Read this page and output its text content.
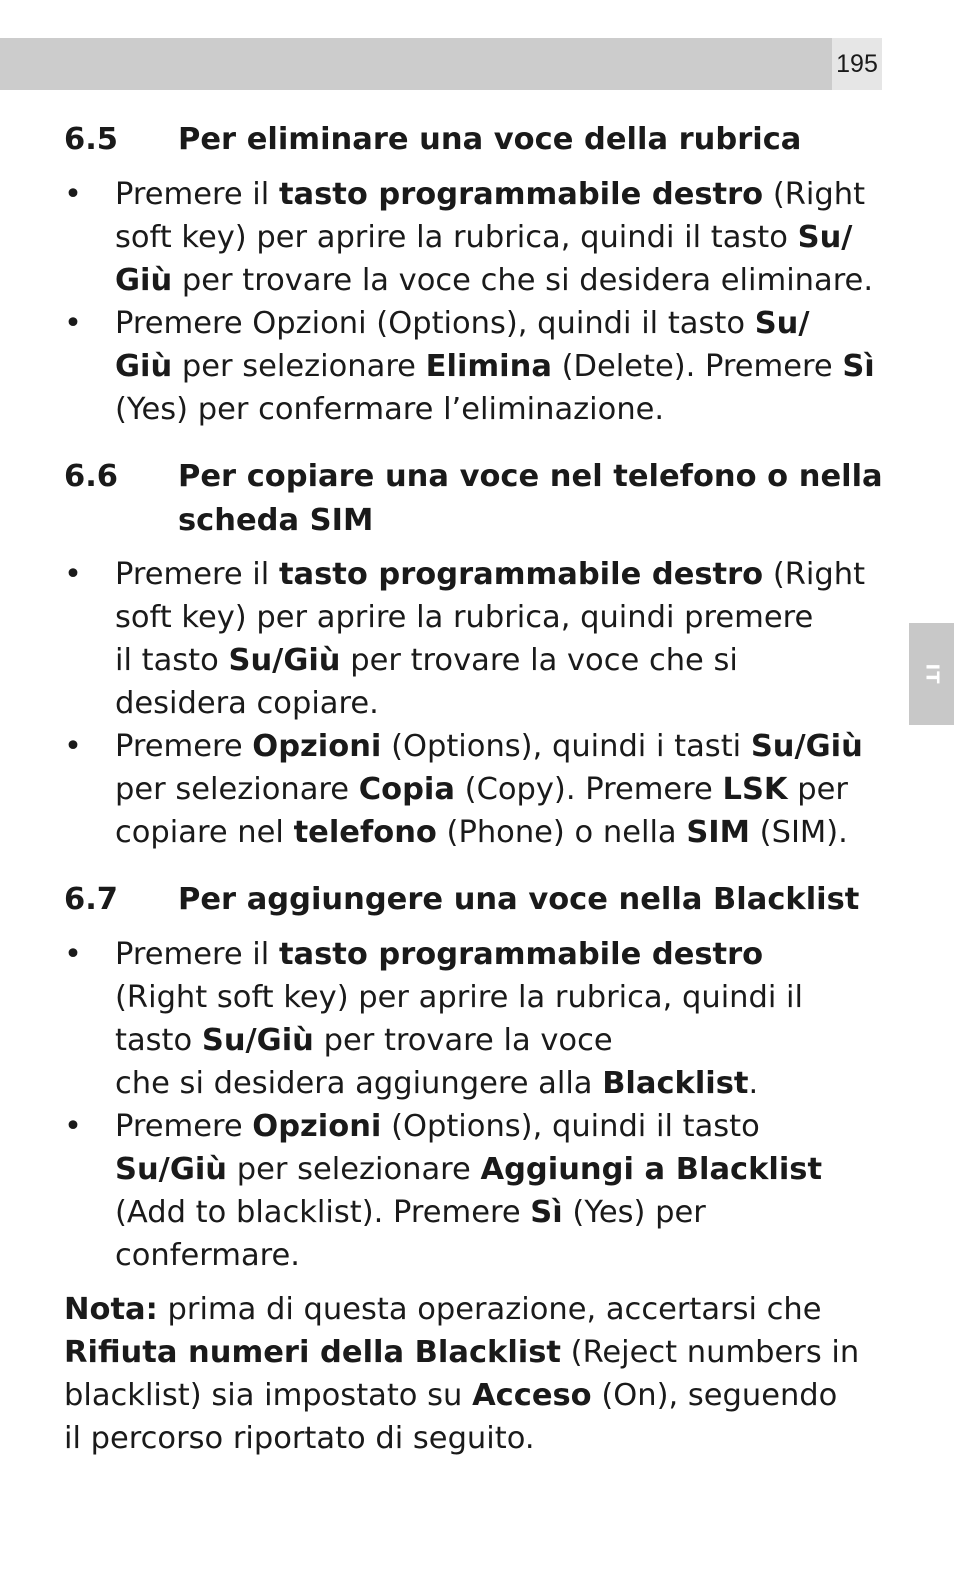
195
IT
6.5	Per eliminare una voce della rubrica
• Premere il tasto programmabile destro (Right soft key) per aprire la rubrica, quindi il tasto Su/
Giù per trovare la voce che si desidera eliminare.
• Premere Opzioni (Options), quindi il tasto Su/
Giù per selezionare Elimina (Delete). Premere Sì
(Yes) per confermare l’eliminazione.
6.6	Per copiare una voce nel telefono o nella scheda SIM
• Premere il tasto programmabile destro (Right soft key) per aprire la rubrica, quindi premere
il tasto Su/Giù per trovare la voce che si
desidera copiare.
• Premere Opzioni (Options), quindi i tasti Su/Giù
per selezionare Copia (Copy). Premere LSK per
copiare nel telefono (Phone) o nella SIM (SIM).
6.7	Per aggiungere una voce nella Blacklist
• Premere il tasto programmabile destro
(Right soft key) per aprire la rubrica, quindi il
tasto Su/Giù per trovare la voce
che si desidera aggiungere alla Blacklist.
• Premere Opzioni (Options), quindi il tasto
Su/Giù per selezionare Aggiungi a Blacklist
(Add to blacklist). Premere Sì (Yes) per
confermare.

Nota: prima di questa operazione, accertarsi che
Rifiuta numeri della Blacklist (Reject numbers in
blacklist) sia impostato su Acceso (On), seguendo
il percorso riportato di seguito.
